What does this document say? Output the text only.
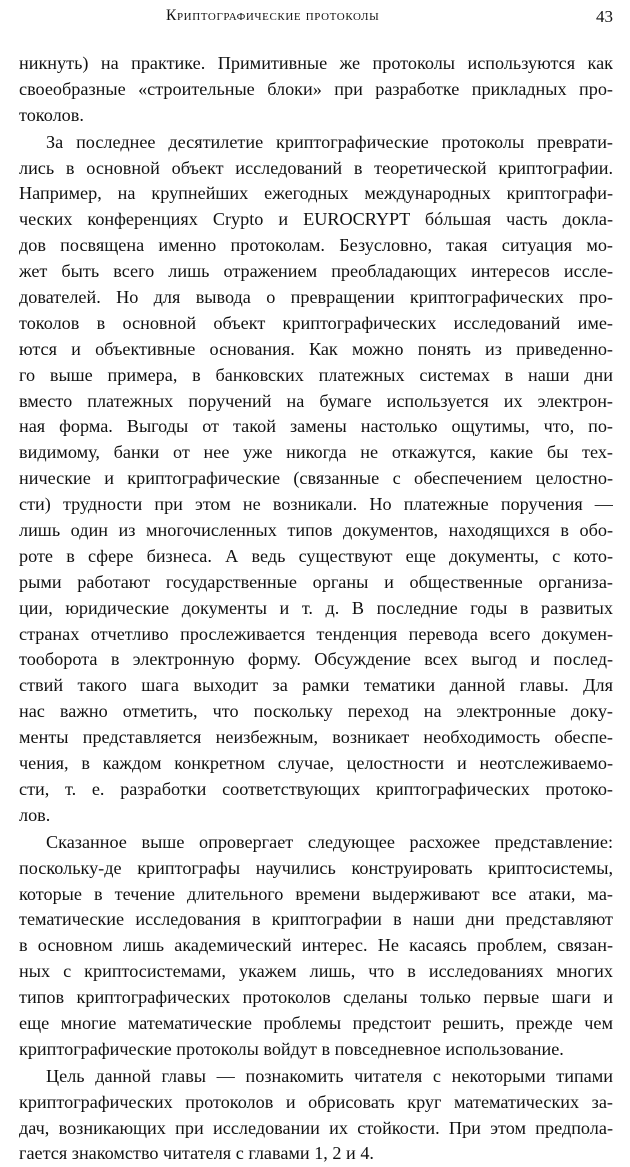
Криптографические протоколы	43
никнуть) на практике. Примитивные же протоколы используются как
своеобразные «строительные блоки» при разработке прикладных про-
токолов.
За последнее десятилетие криптографические протоколы преврати-
лись в основной объект исследований в теоретической криптографии.
Например, на крупнейших ежегодных международных криптографи-
ческих конференциях Crypto и EUROCRYPT бóльшая часть докла-
дов посвящена именно протоколам. Безусловно, такая ситуация мо-
жет быть всего лишь отражением преобладающих интересов иссле-
дователей. Но для вывода о превращении криптографических про-
токолов в основной объект криптографических исследований име-
ются и объективные основания. Как можно понять из приведенно-
го выше примера, в банковских платежных системах в наши дни
вместо платежных поручений на бумаге используется их электрон-
ная форма. Выгоды от такой замены настолько ощутимы, что, по-
видимому, банки от нее уже никогда не откажутся, какие бы тех-
нические и криптографические (связанные с обеспечением целостно-
сти) трудности при этом не возникали. Но платежные поручения —
лишь один из многочисленных типов документов, находящихся в обо-
роте в сфере бизнеса. А ведь существуют еще документы, с кото-
рыми работают государственные органы и общественные организа-
ции, юридические документы и т. д. В последние годы в развитых
странах отчетливо прослеживается тенденция перевода всего докумен-
тооборота в электронную форму. Обсуждение всех выгод и послед-
ствий такого шага выходит за рамки тематики данной главы. Для
нас важно отметить, что поскольку переход на электронные доку-
менты представляется неизбежным, возникает необходимость обеспе-
чения, в каждом конкретном случае, целостности и неотслеживаемо-
сти, т. е. разработки соответствующих криптографических протоко-
лов.
Сказанное выше опровергает следующее расхожее представление:
поскольку-де криптографы научились конструировать криптосистемы,
которые в течение длительного времени выдерживают все атаки, ма-
тематические исследования в криптографии в наши дни представляют
в основном лишь академический интерес. Не касаясь проблем, связан-
ных с криптосистемами, укажем лишь, что в исследованиях многих
типов криптографических протоколов сделаны только первые шаги и
еще многие математические проблемы предстоит решить, прежде чем
криптографические протоколы войдут в повседневное использование.
Цель данной главы — познакомить читателя с некоторыми типами
криптографических протоколов и обрисовать круг математических за-
дач, возникающих при исследовании их стойкости. При этом предпола-
гается знакомство читателя с главами 1, 2 и 4.
